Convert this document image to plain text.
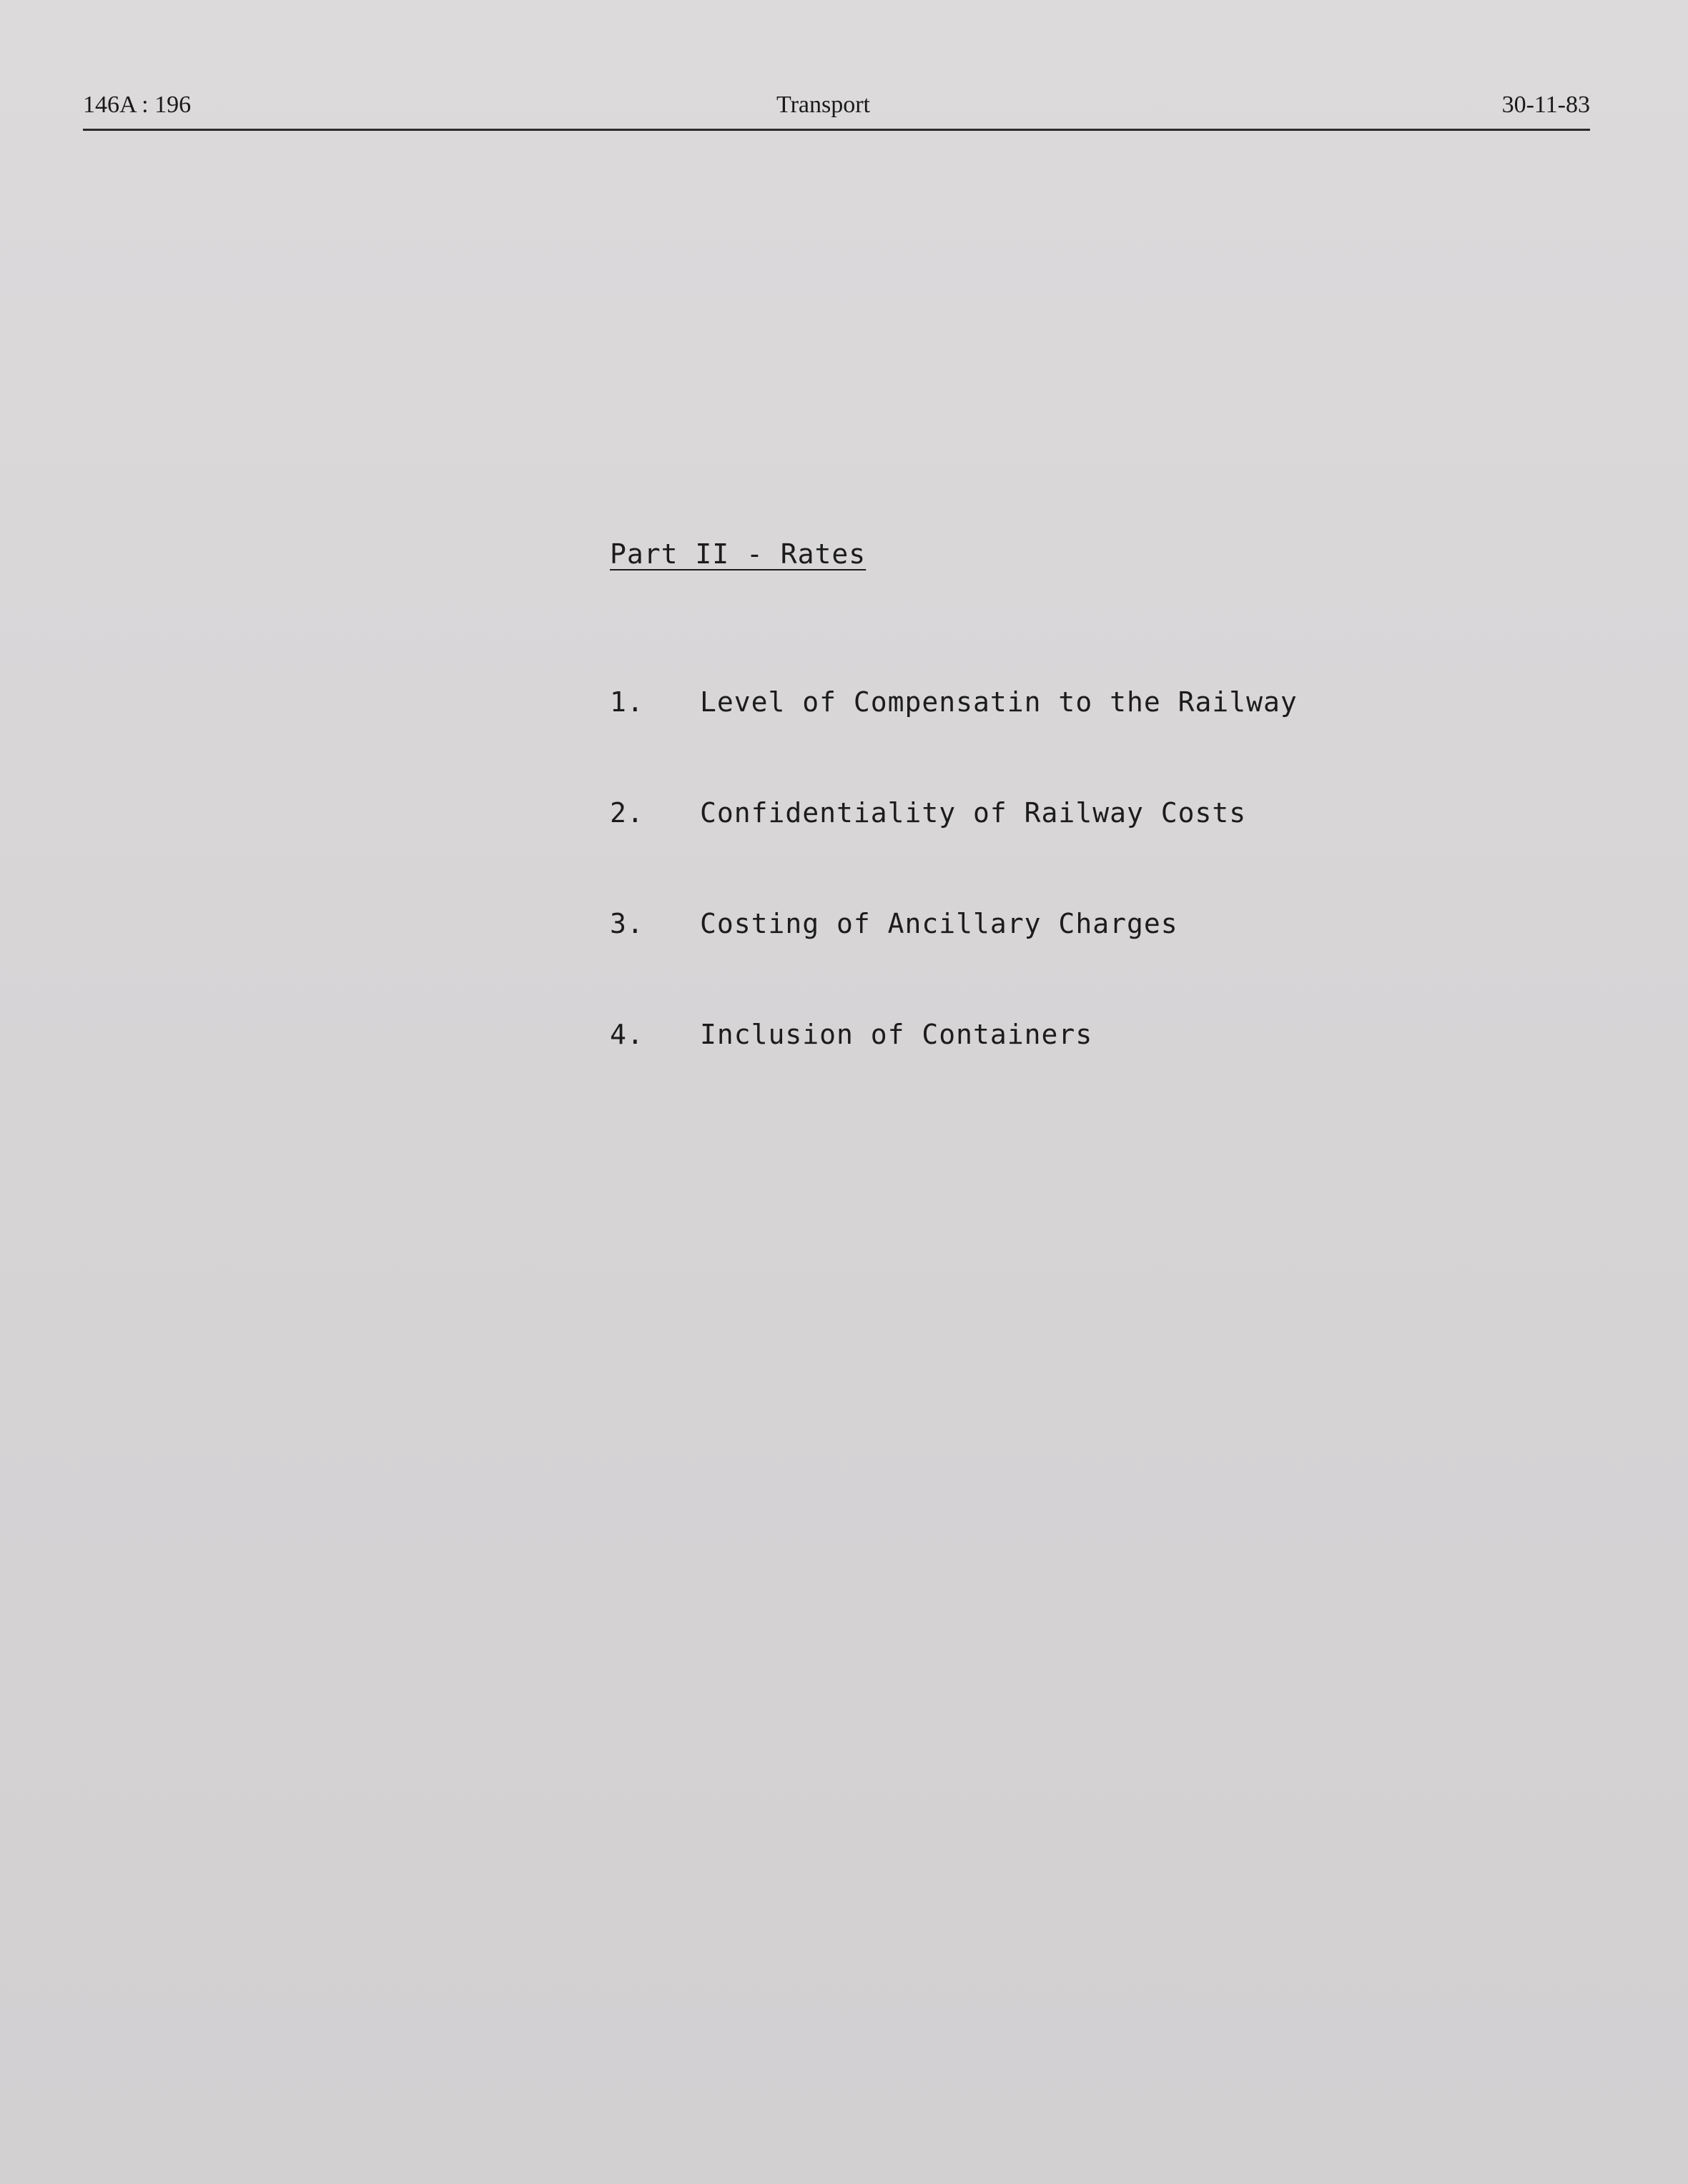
146A : 196	Transport	30-11-83
Part II - Rates
1. Level of Compensatin to the Railway
2. Confidentiality of Railway Costs
3. Costing of Ancillary Charges
4. Inclusion of Containers
